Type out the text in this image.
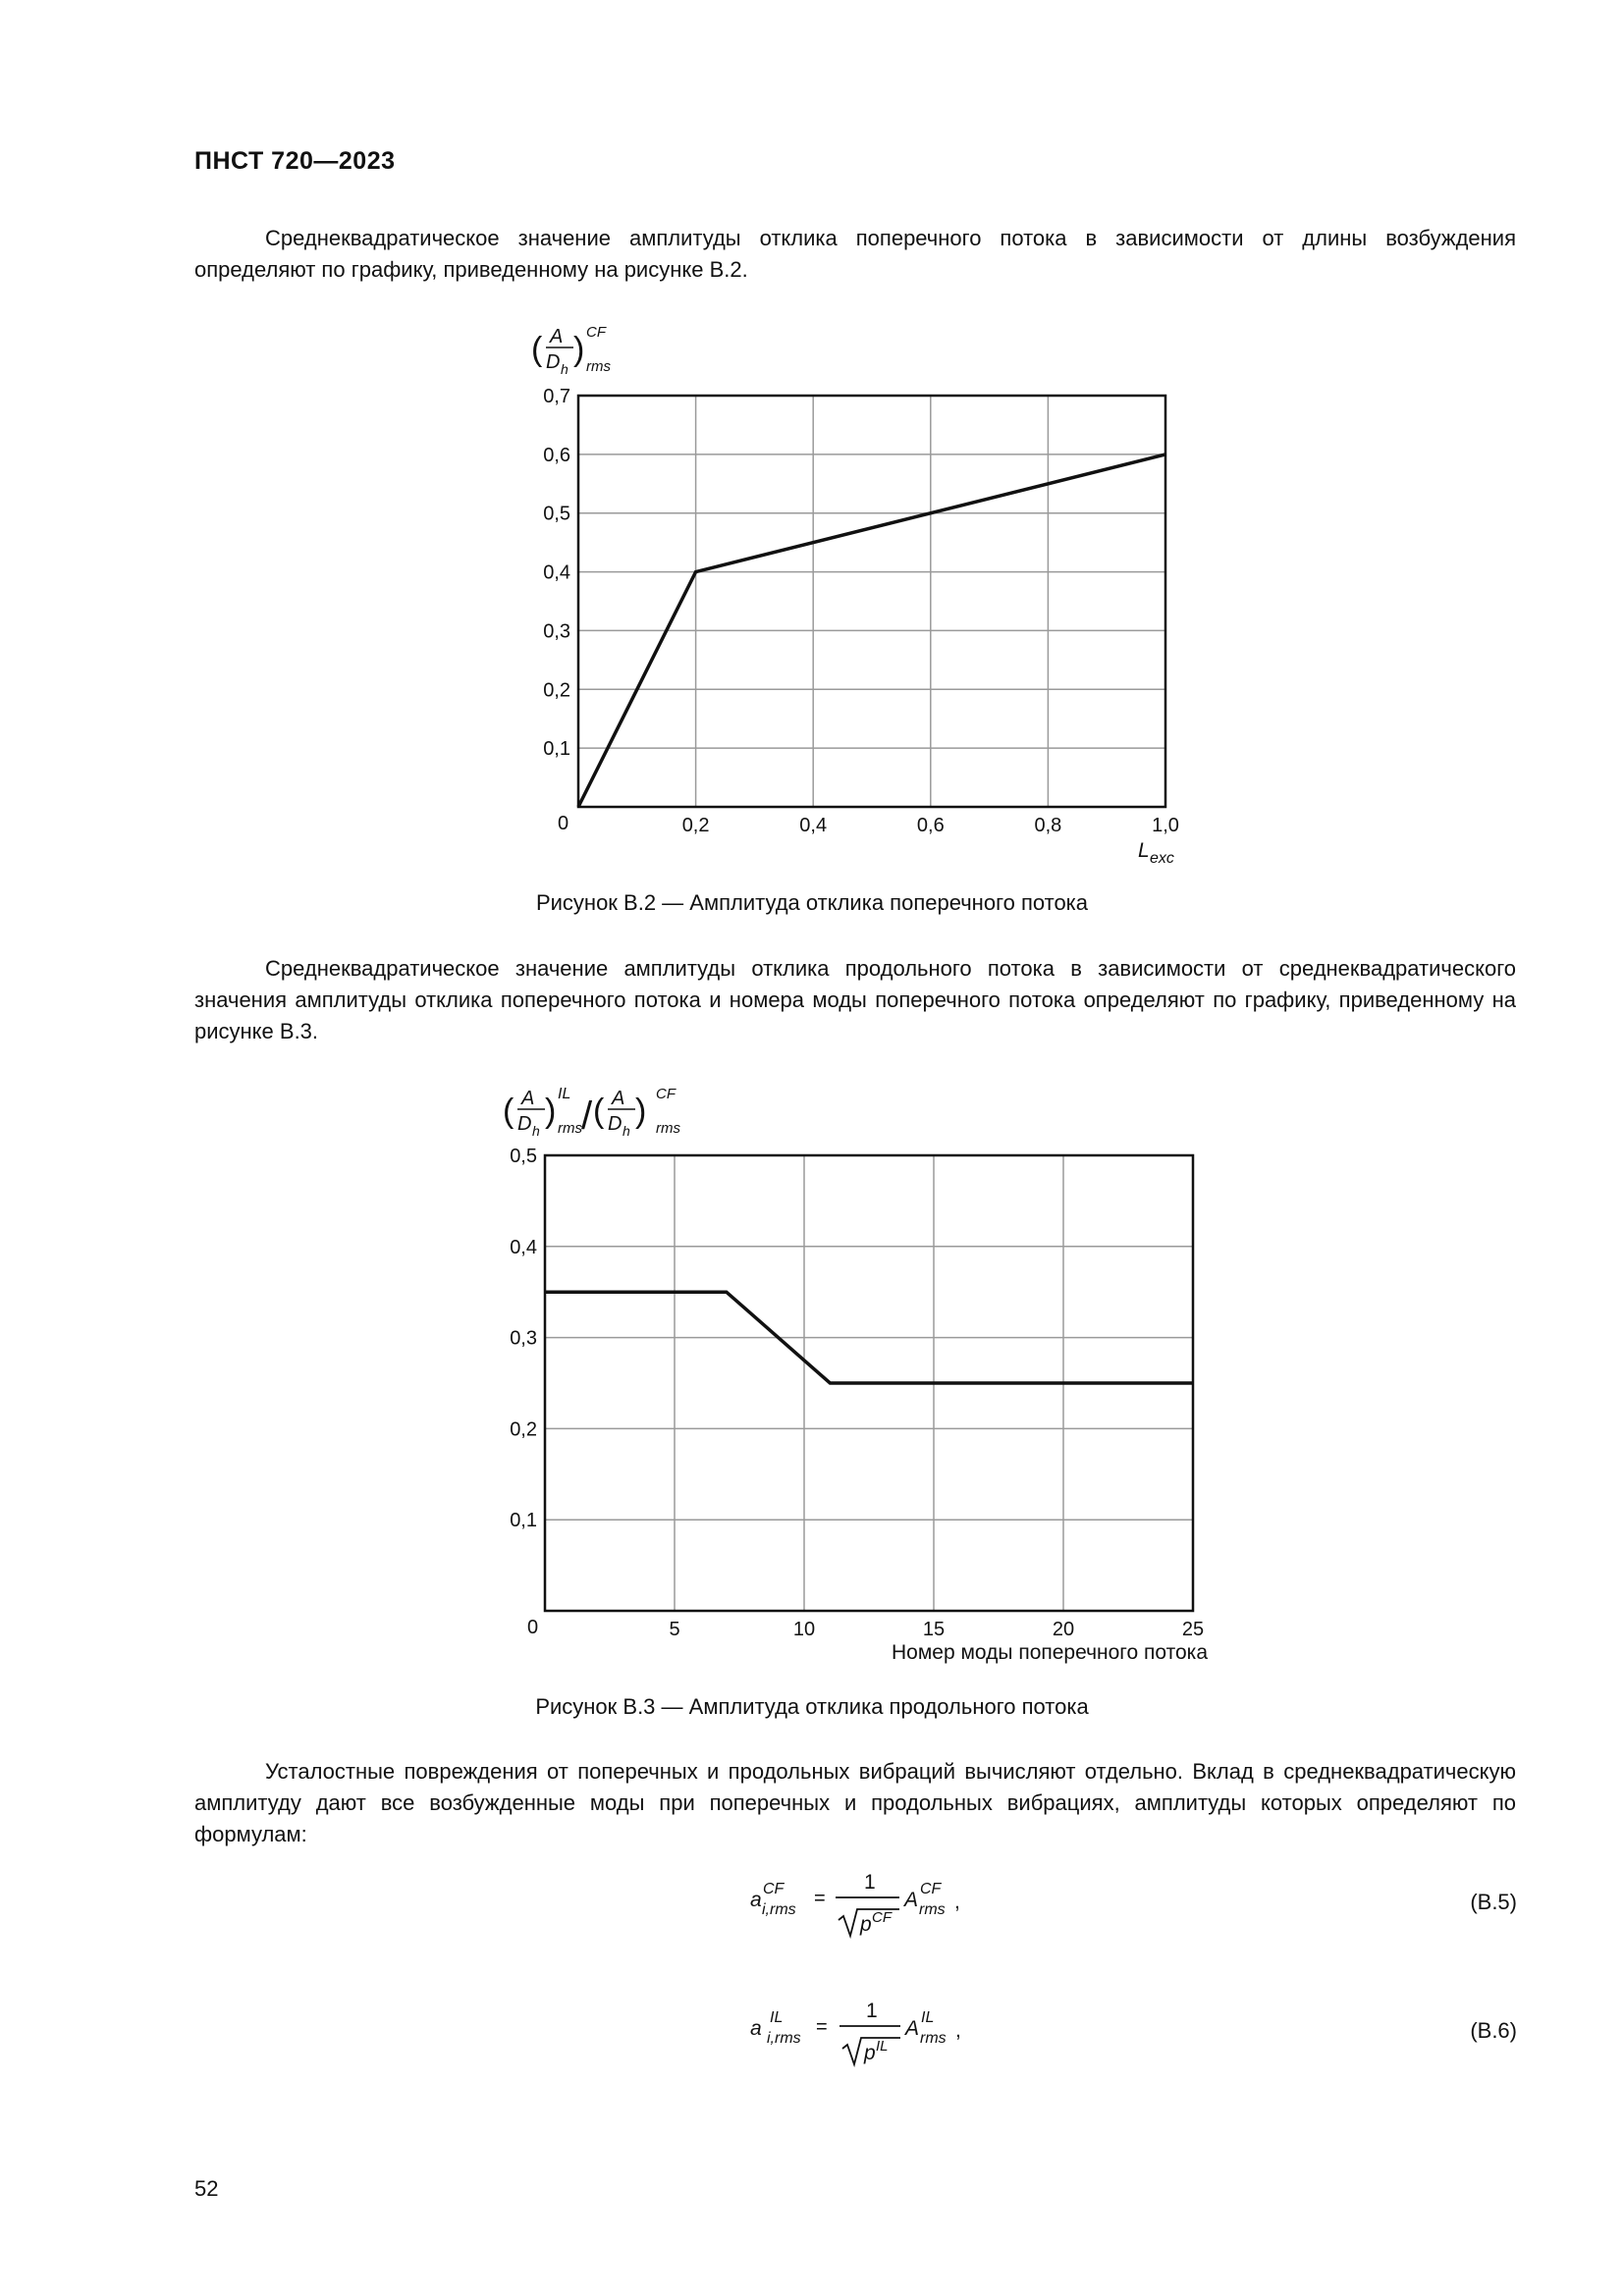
ПНСТ 720—2023

Среднеквадратическое значение амплитуды отклика поперечного потока в зависимости от длины возбуждения определяют по графику, приведенному на рисунке В.2.

( A
D h
) CF
rms
0,1
0,2
0,3
0,4
0,5
0,6
0,7
0,2	0,4	0,6	0,8	1,0
0
L exc
( A
D h
) IL
rms / ( A
D h
) CF
rms
0,1
0,2
0,3
0,4
0,5
5	10	15	20	25
0
Номер моды поперечного потока
a CF
i,rms
=
1
p CF
A CF
rms ,	(B.5)
a IL
i,rms
=
1
p IL
A IL
rms ,	(B.6)
Рисунок В.2 — Амплитуда отклика поперечного потока

Среднеквадратическое значение амплитуды отклика продольного потока в зависимости от среднеквадратического значения амплитуды отклика поперечного потока и номера моды поперечного потока определяют по графику, приведенному на рисунке В.3.

Рисунок В.3 — Амплитуда отклика продольного потока

Усталостные повреждения от поперечных и продольных вибраций вычисляют отдельно. Вклад в среднеквадратическую амплитуду дают все возбужденные моды при поперечных и продольных вибрациях, амплитуды которых определяют по формулам:

52
